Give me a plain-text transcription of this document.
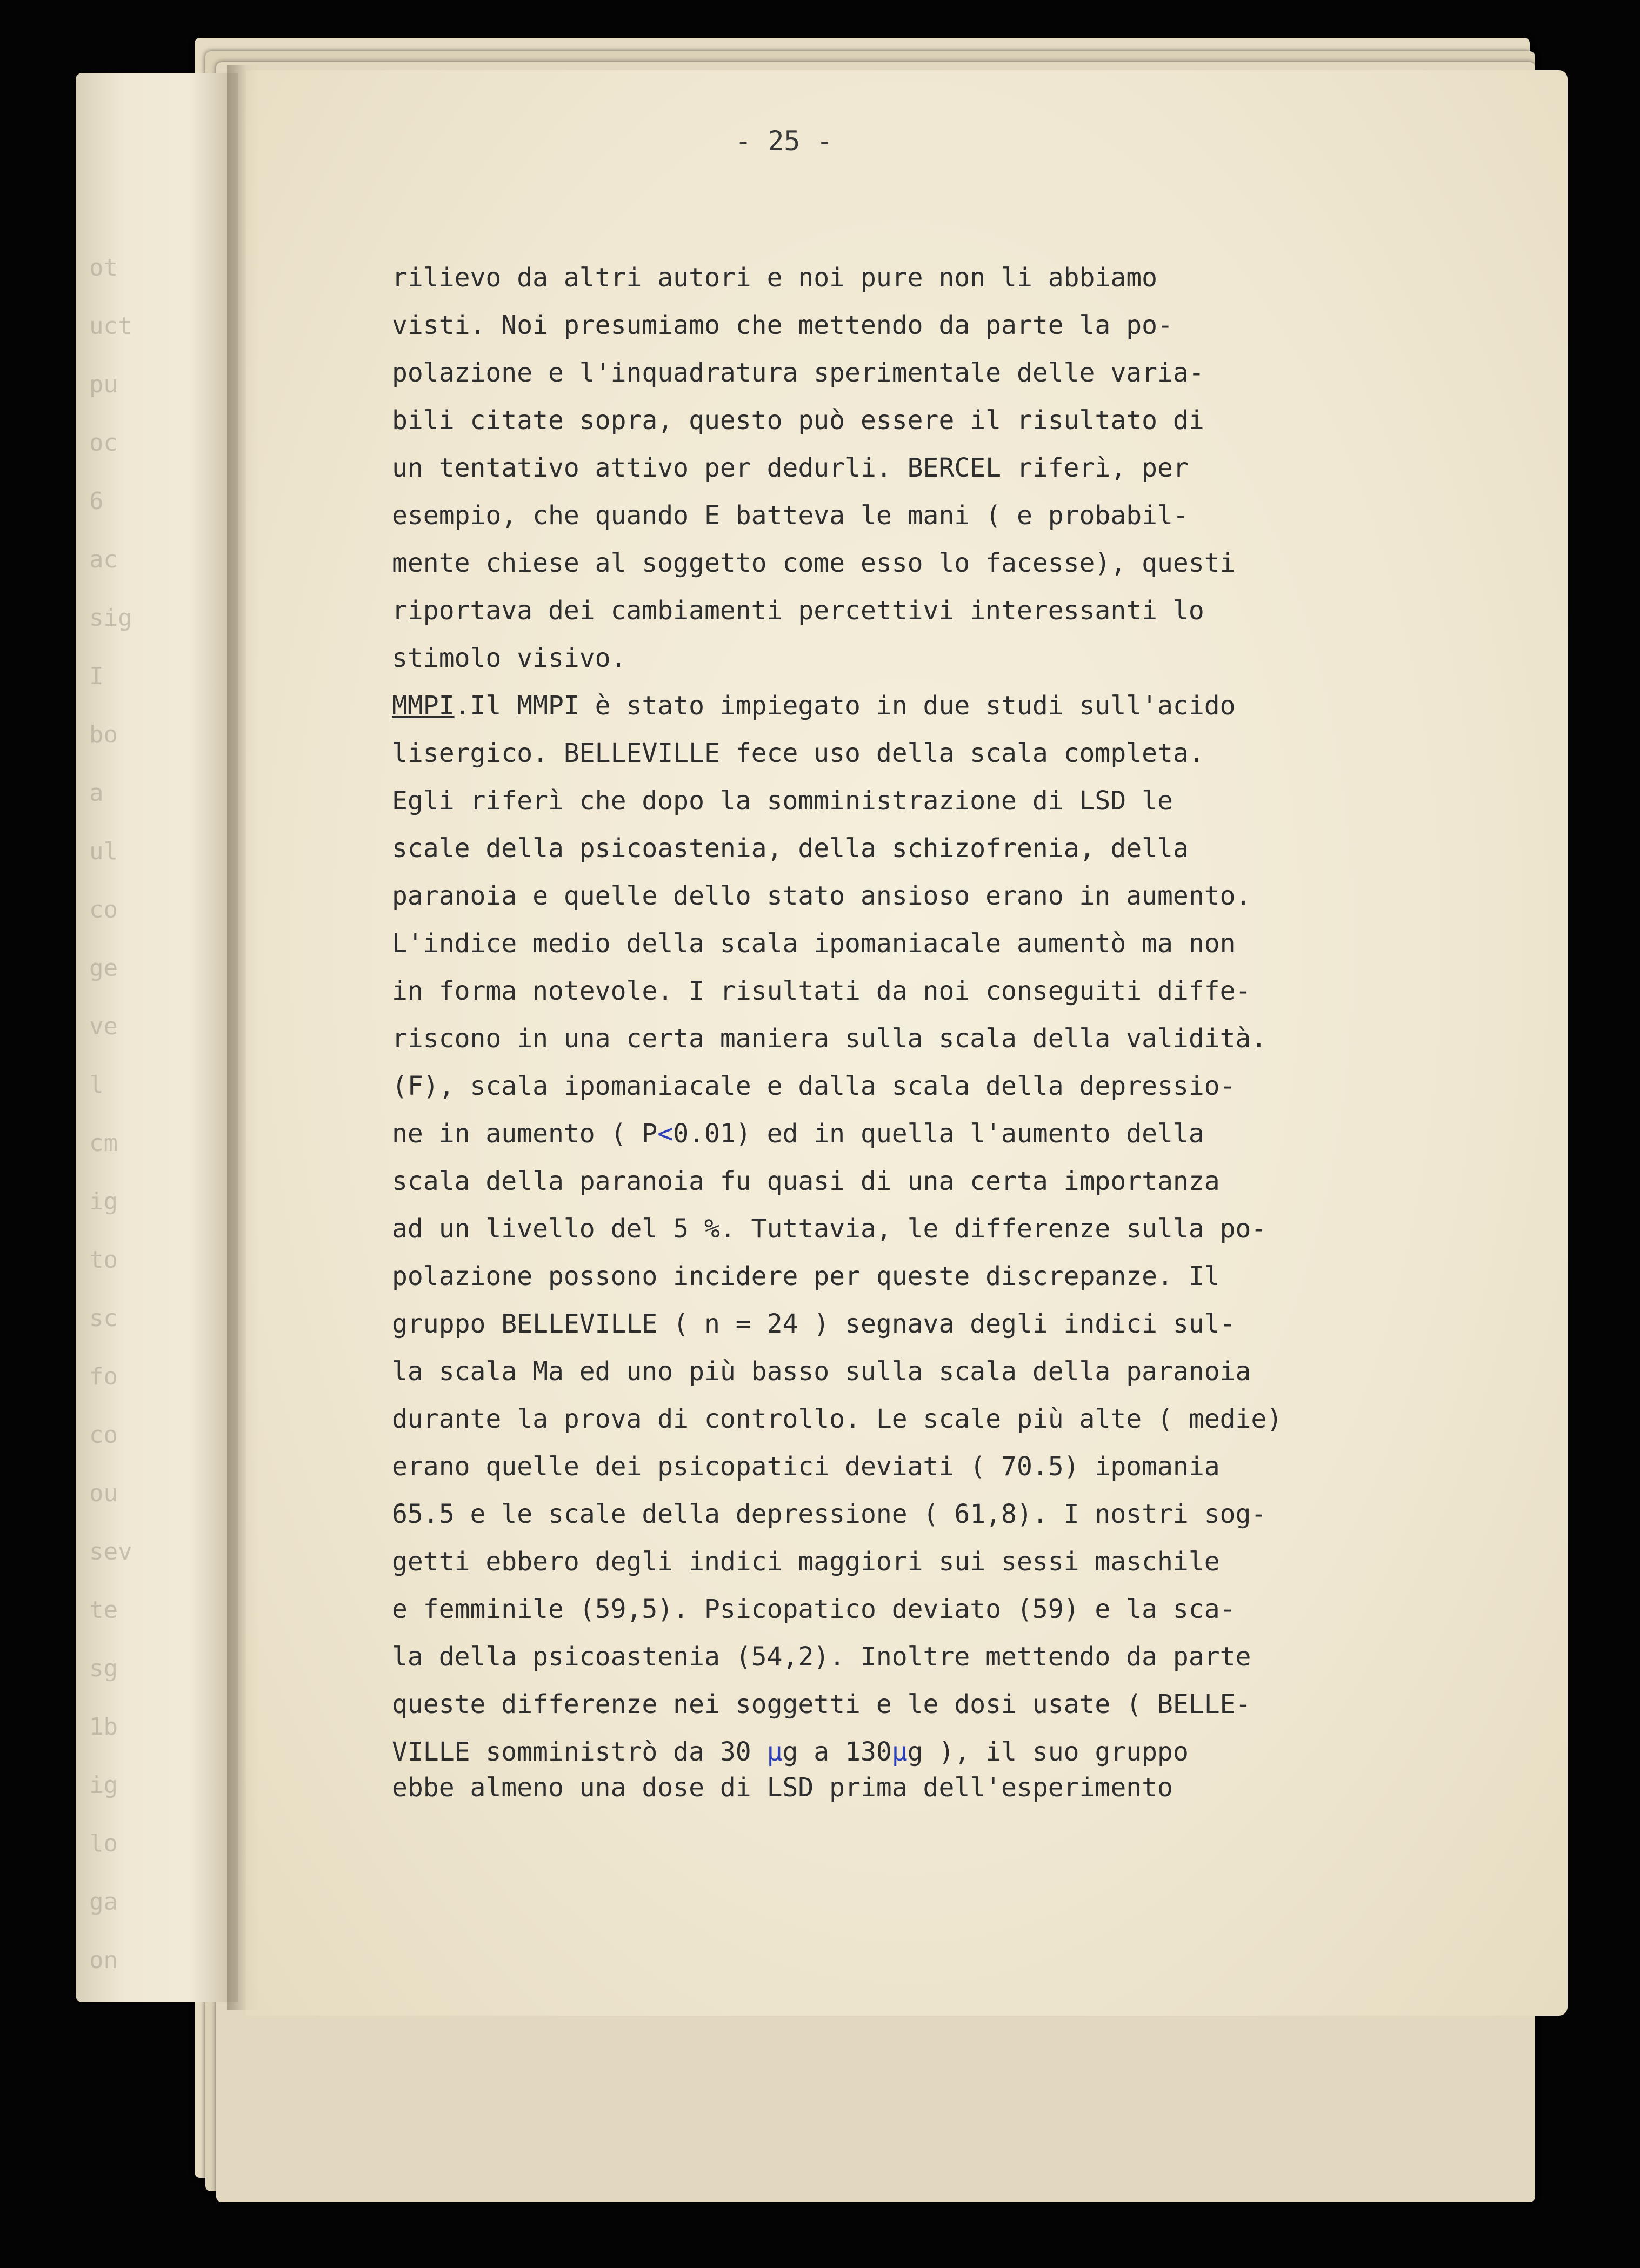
- 25 -
rilievo da altri autori e noi pure non li abbiamo
visti. Noi presumiamo che mettendo da parte la po-
polazione e l'inquadratura sperimentale delle varia-
bili citate sopra, questo può essere il risultato di
un tentativo attivo per dedurli. BERCEL riferì, per
esempio, che quando E batteva le mani ( e probabil-
mente chiese al soggetto come esso lo facesse), questi
riportava dei cambiamenti percettivi interessanti lo
stimolo visivo.
MMPI.Il MMPI è stato impiegato in due studi sull'acido
lisergico. BELLEVILLE fece uso della scala completa.
Egli riferì che dopo la somministrazione di LSD le
scale della psicoastenia, della schizofrenia, della
paranoia e quelle dello stato ansioso erano in aumento.
L'indice medio della scala ipomaniacale aumentò ma non
in forma notevole. I risultati da noi conseguiti diffe-
riscono in una certa maniera sulla scala della validità.
(F), scala ipomaniacale e dalla scala della depressio-
ne in aumento ( P<0.01) ed in quella l'aumento della
scala della paranoia fu quasi di una certa importanza
ad un livello del 5 %. Tuttavia, le differenze sulla po-
polazione possono incidere per queste discrepanze. Il
gruppo BELLEVILLE ( n = 24 ) segnava degli indici sul-
la scala Ma ed uno più basso sulla scala della paranoia
durante la prova di controllo. Le scale più alte ( medie)
erano quelle dei psicopatici deviati ( 70.5) ipomania
65.5 e le scale della depressione ( 61,8). I nostri sog-
getti ebbero degli indici maggiori sui sessi maschile
e femminile (59,5). Psicopatico deviato (59) e la sca-
la della psicoastenia (54,2). Inoltre mettendo da parte
queste differenze nei soggetti e le dosi usate ( BELLE-
VILLE somministrò da 30 µg a 130µg ), il suo gruppo
ebbe almeno una dose di LSD prima dell'esperimento
ot
uct
pu
oc
6
ac
sig
I
bo
a
ul
co
ge
ve
l
cm
ig
to
sc
fo
co
ou
sev
te
sg
1b
ig
lo
ga
on
